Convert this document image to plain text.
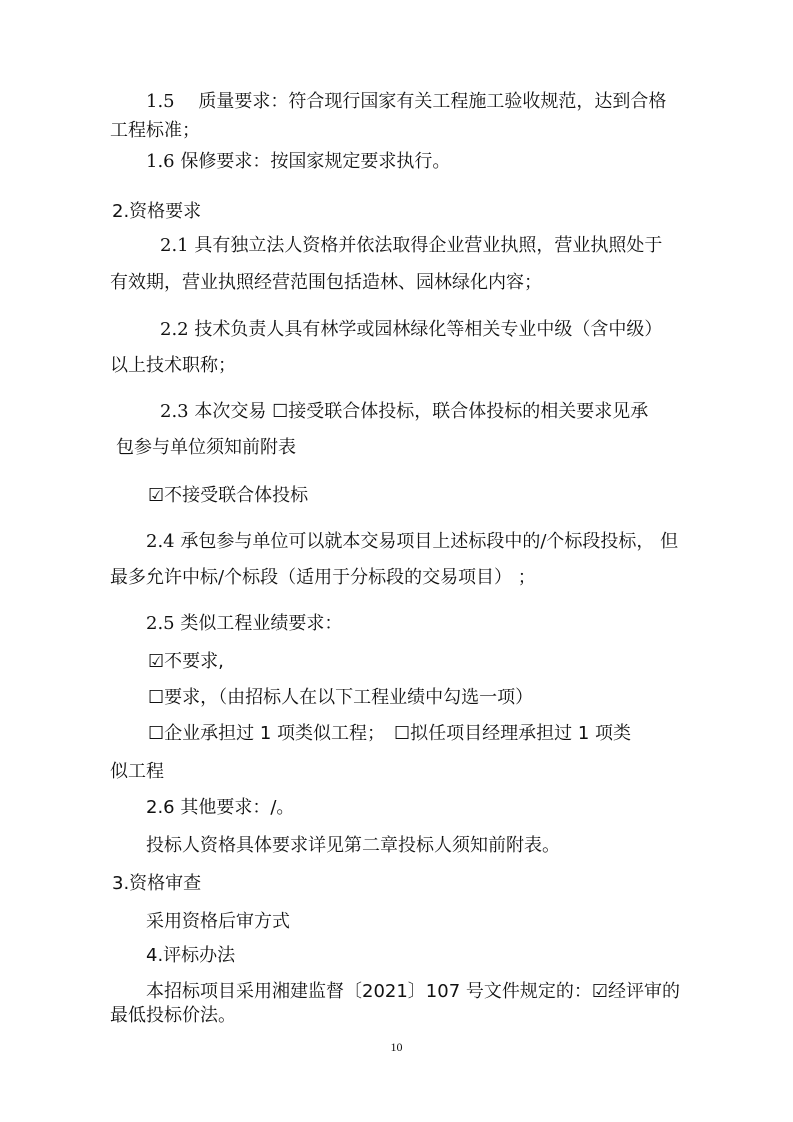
1.5　 质量要求：符合现行国家有关工程施工验收规范，达到合格
工程标准；
1.6 保修要求：按国家规定要求执行。
2.资格要求
2.1 具有独立法人资格并依法取得企业营业执照，营业执照处于
有效期，营业执照经营范围包括造林、园林绿化内容；
2.2 技术负责人具有林学或园林绿化等相关专业中级（含中级）
以上技术职称；
2.3 本次交易 ☐接受联合体投标，联合体投标的相关要求见承
包参与单位须知前附表
☑不接受联合体投标
2.4 承包参与单位可以就本交易项目上述标段中的/个标段投标， 但
最多允许中标/个标段（适用于分标段的交易项目） ；
2.5 类似工程业绩要求：
☑不要求,
☐要求，（由招标人在以下工程业绩中勾选一项）
☐企业承担过 1 项类似工程；　☐拟任项目经理承担过 1 项类
似工程
2.6 其他要求：/。
投标人资格具体要求详见第二章投标人须知前附表。
3.资格审查
采用资格后审方式
4.评标办法
本招标项目采用湘建监督〔2021〕107 号文件规定的：☑经评审的
最低投标价法。
10
